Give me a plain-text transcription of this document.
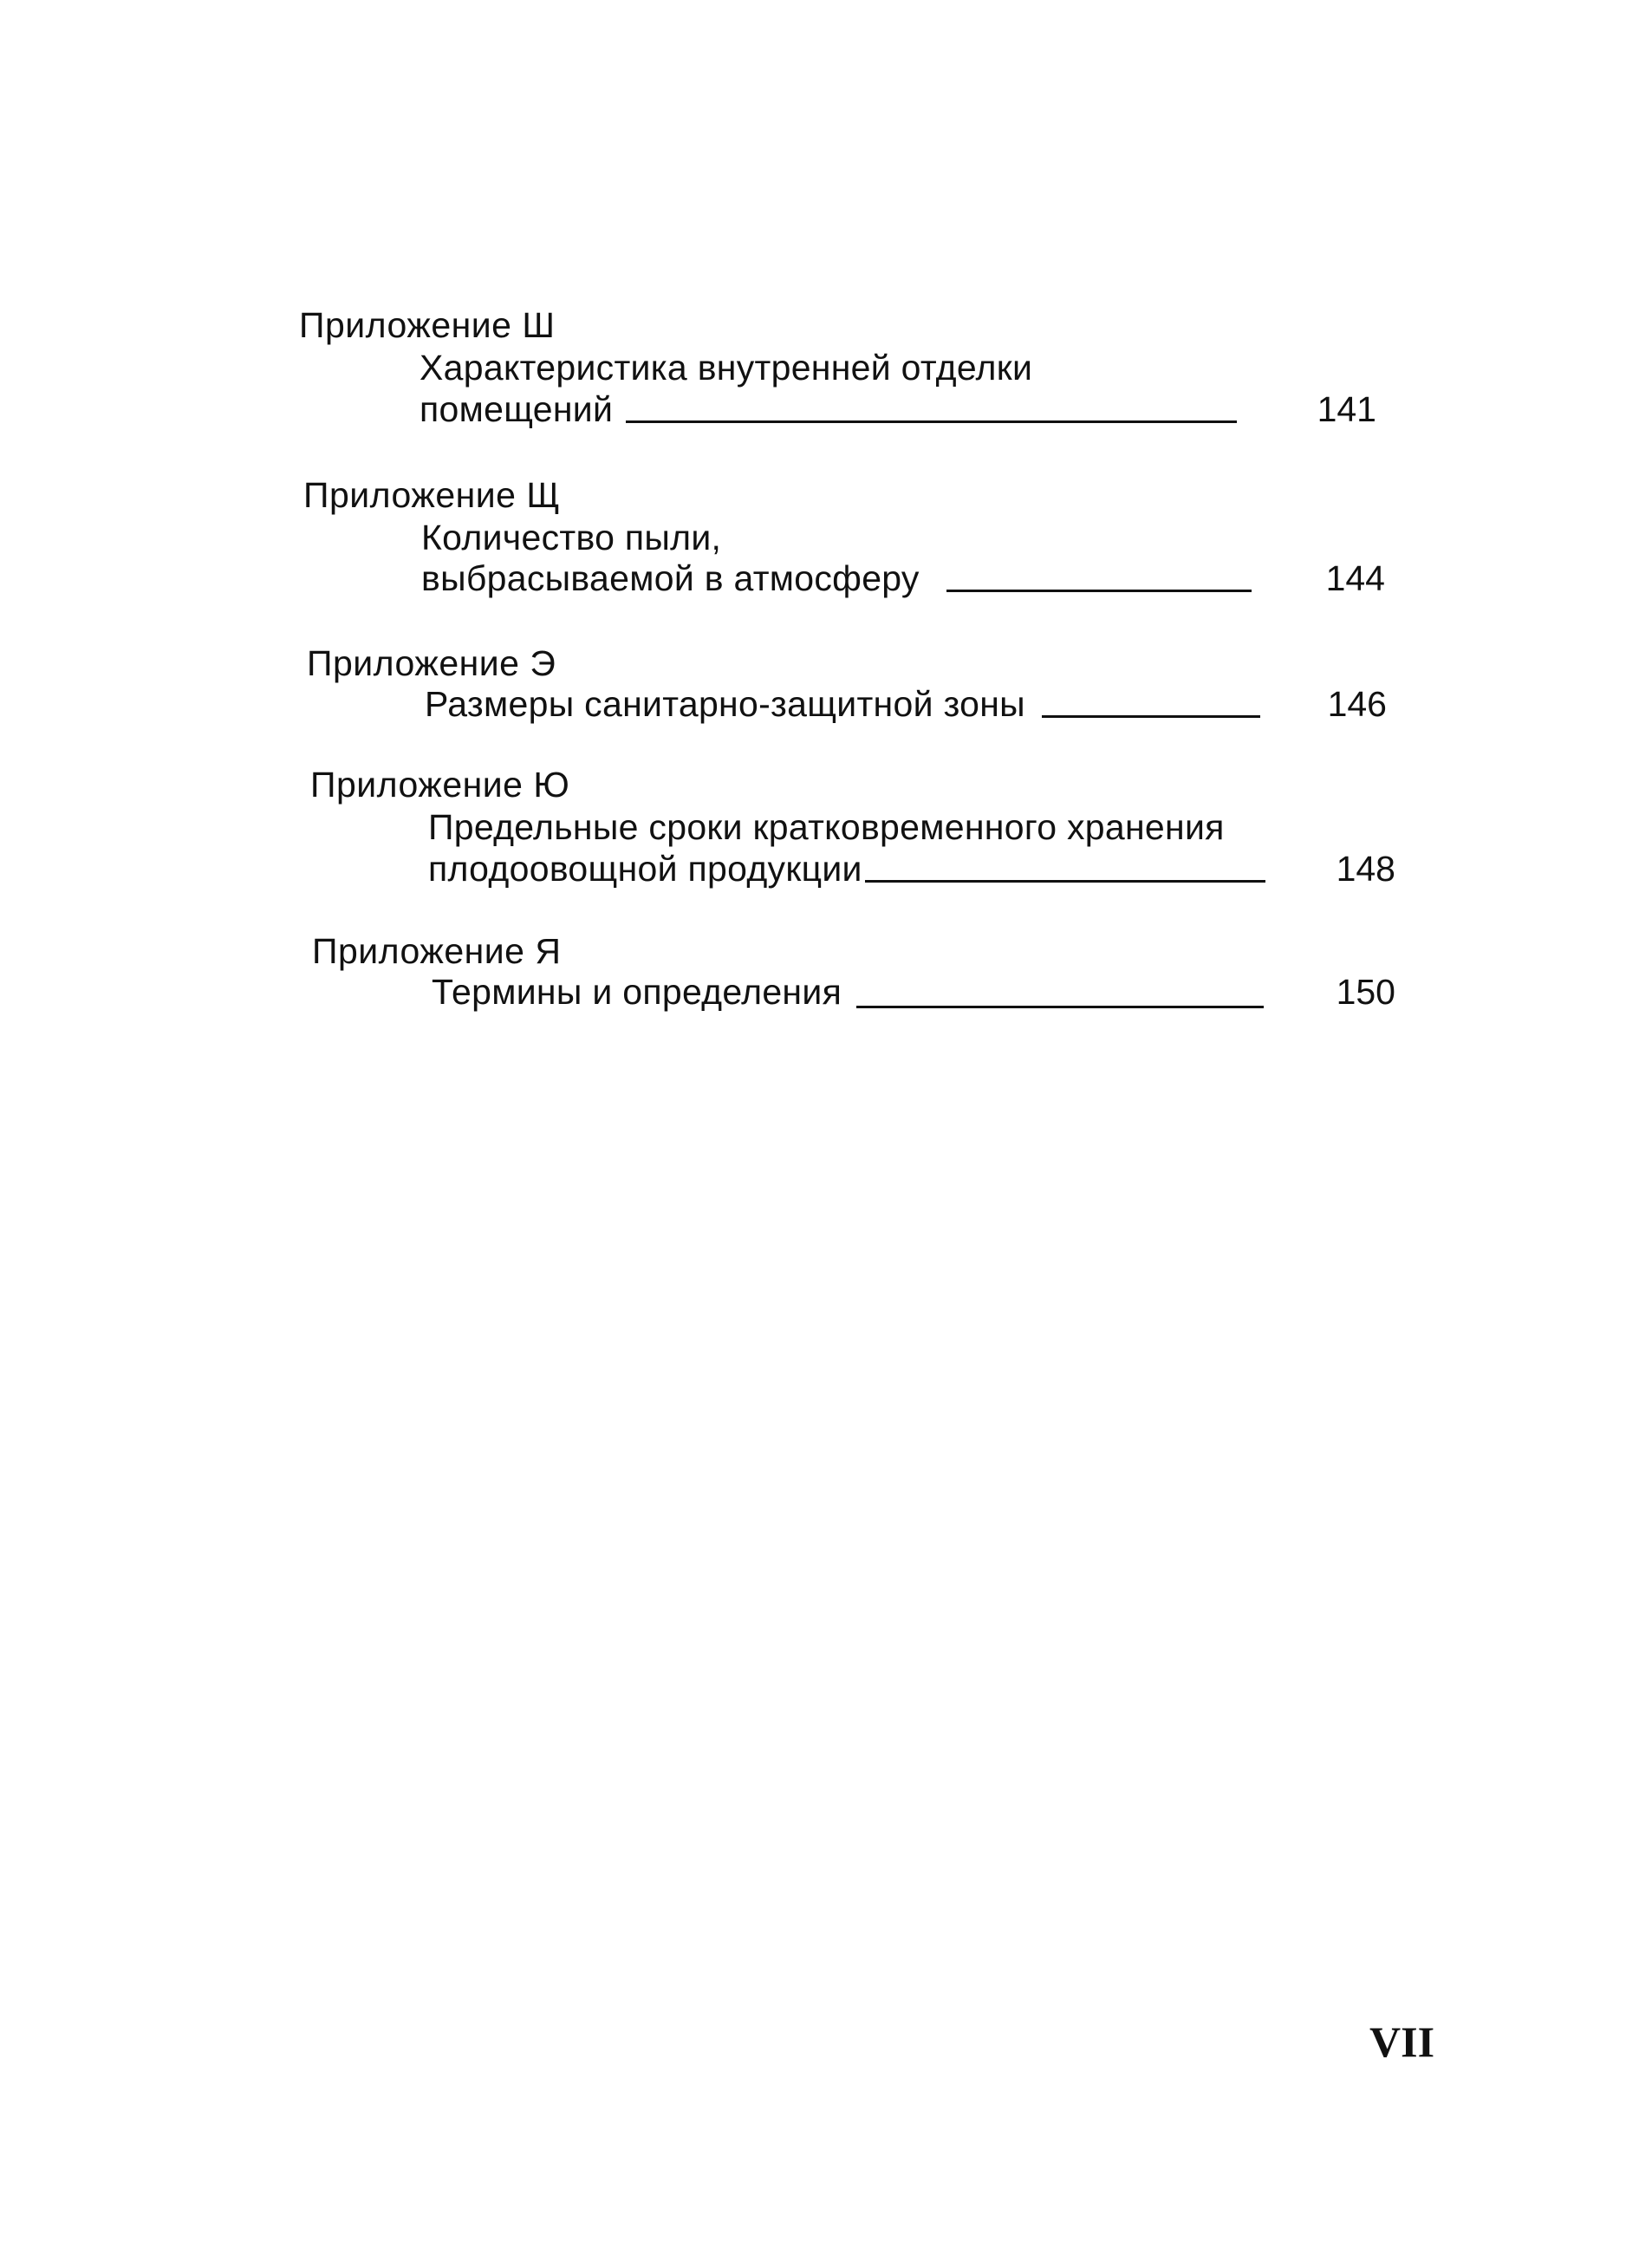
Приложение Ш
Характеристика внутренней отделки
помещений	141
Приложение Щ
Количество пыли,
выбрасываемой в атмосферу	144
Приложение Э
Размеры санитарно-защитной зоны	146
Приложение Ю
Предельные сроки кратковременного хранения
плодоовощной продукции	148
Приложение Я
Термины и определения	150
VII
